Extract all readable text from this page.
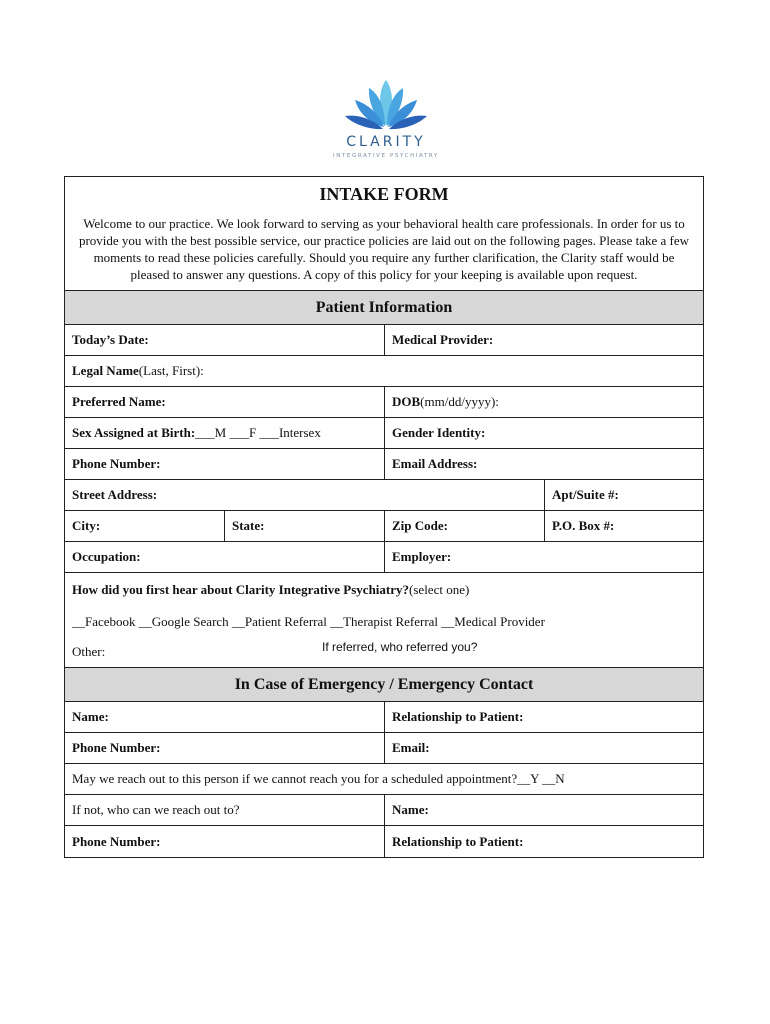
CLARITY
INTEGRATIVE PSYCHIATRY
INTAKE FORM
Welcome to our practice. We look forward to serving as your behavioral health care professionals. In order for us to provide you with the best possible service, our practice policies are laid out on the following pages. Please take a few moments to read these policies carefully. Should you require any further clarification, the Clarity staff would be pleased to answer any questions. A copy of this policy for your keeping is available upon request.
Patient Information
Today’s Date:	Medical Provider:
Legal Name (Last, First):
Preferred Name:	DOB (mm/dd/yyyy):
Sex Assigned at Birth: ___M ___F ___Intersex	Gender Identity:
Phone Number:	Email Address:
Street Address:	Apt/Suite #:
City:	State:	Zip Code:	P.O. Box #:
Occupation:	Employer:
How did you first hear about Clarity Integrative Psychiatry? (select one)
__Facebook __Google Search __Patient Referral __Therapist Referral __Medical Provider
Other:	If referred, who referred you?
In Case of Emergency / Emergency Contact
Name:	Relationship to Patient:
Phone Number:	Email:
May we reach out to this person if we cannot reach you for a scheduled appointment?__Y __N
If not, who can we reach out to?	Name:
Phone Number:	Relationship to Patient:
